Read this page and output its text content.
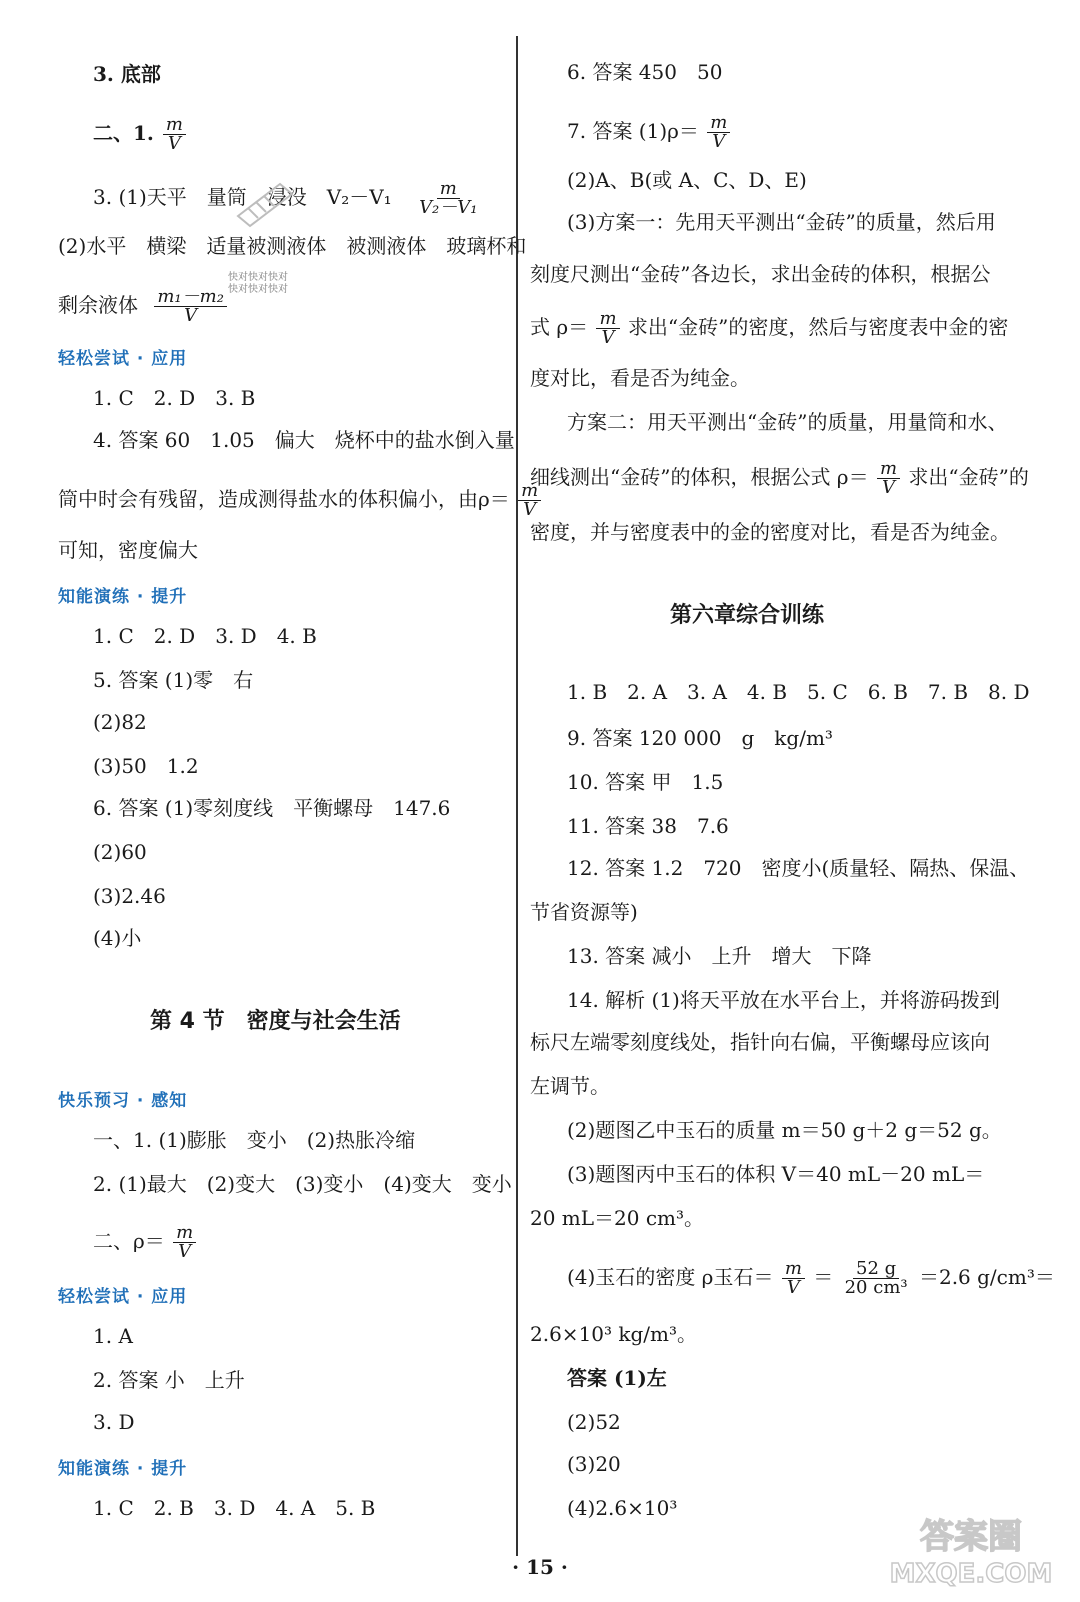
3. 底部
二、1. $\frac{m}{V}$
3. (1)天平　量筒　浸没　$V_2-V_1 \frac{m}{\text{V₂－V₁}}$
(2)水平　横梁　适量被测液体　被测液体　玻璃杯和
剩余液体 $\frac{\text{m₁－m₂}}{V}$
快对快对快对
快对快对快对
轻松尝试 · 应用
1. C　2. D　3. B
4. 答案 60　1.05　偏大　烧杯中的盐水倒入量
筒中时会有残留，造成测得盐水的体积偏小，由$\rho= \frac{m}{V}$
可知，密度偏大
知能演练 · 提升
1. C　2. D　3. D　4. B
5. 答案 (1)零　右
(2)82
(3)50　1.2
6. 答案 (1)零刻度线　平衡螺母　147.6
(2)60
(3)2.46
(4)小
第 4 节　密度与社会生活
快乐预习 · 感知
一、1. (1)膨胀　变小　(2)热胀冷缩
2. (1)最大　(2)变大　(3)变小　(4)变大　变小
二、$\rho= \frac{m}{V}$
轻松尝试 · 应用
1. A
2. 答案 小　上升
3. D
知能演练 · 提升
1. C　2. B　3. D　4. A　5. B
6. 答案 450　50
7. 答案 $(1)\rho= \frac{m}{V}$
(2)A、B(或 A、C、D、E)
(3)方案一：先用天平测出“金砖”的质量，然后用
刻度尺测出“金砖”各边长，求出金砖的体积，根据公
式 $\rho= \frac{m}{V}$ 求出“金砖”的密度，然后与密度表中金的密
度对比，看是否为纯金。
方案二：用天平测出“金砖”的质量，用量筒和水、
细线测出“金砖”的体积，根据公式 $\rho= \frac{m}{V}$ 求出“金砖”的
密度，并与密度表中的金的密度对比，看是否为纯金。
第六章综合训练
1. B　2. A　3. A　4. B　5. C　6. B　7. B　8. D
9. 答案 120 000　g　kg/m³
10. 答案 甲　1.5
11. 答案 38　7.6
12. 答案 1.2　720　密度小(质量轻、隔热、保温、
节省资源等)
13. 答案 减小　上升　增大　下降
14. 解析 (1)将天平放在水平台上，并将游码拨到
标尺左端零刻度线处，指针向右偏，平衡螺母应该向
左调节。
(2)题图乙中玉石的质量 m＝50 g＋2 g＝52 g。
(3)题图丙中玉石的体积 V＝40 mL－20 mL＝
20 mL＝20 cm³。
(4)玉石的密度 ρ玉石＝ $\frac{m}{V} = \frac{52 g}{\text{20 cm³}} =2.6$ g/cm³＝
2.6×10³ kg/m³。
答案 (1)左
(2)52
(3)20
(4)2.6×10³
· 15 ·
答案圈
MXQE.COM
